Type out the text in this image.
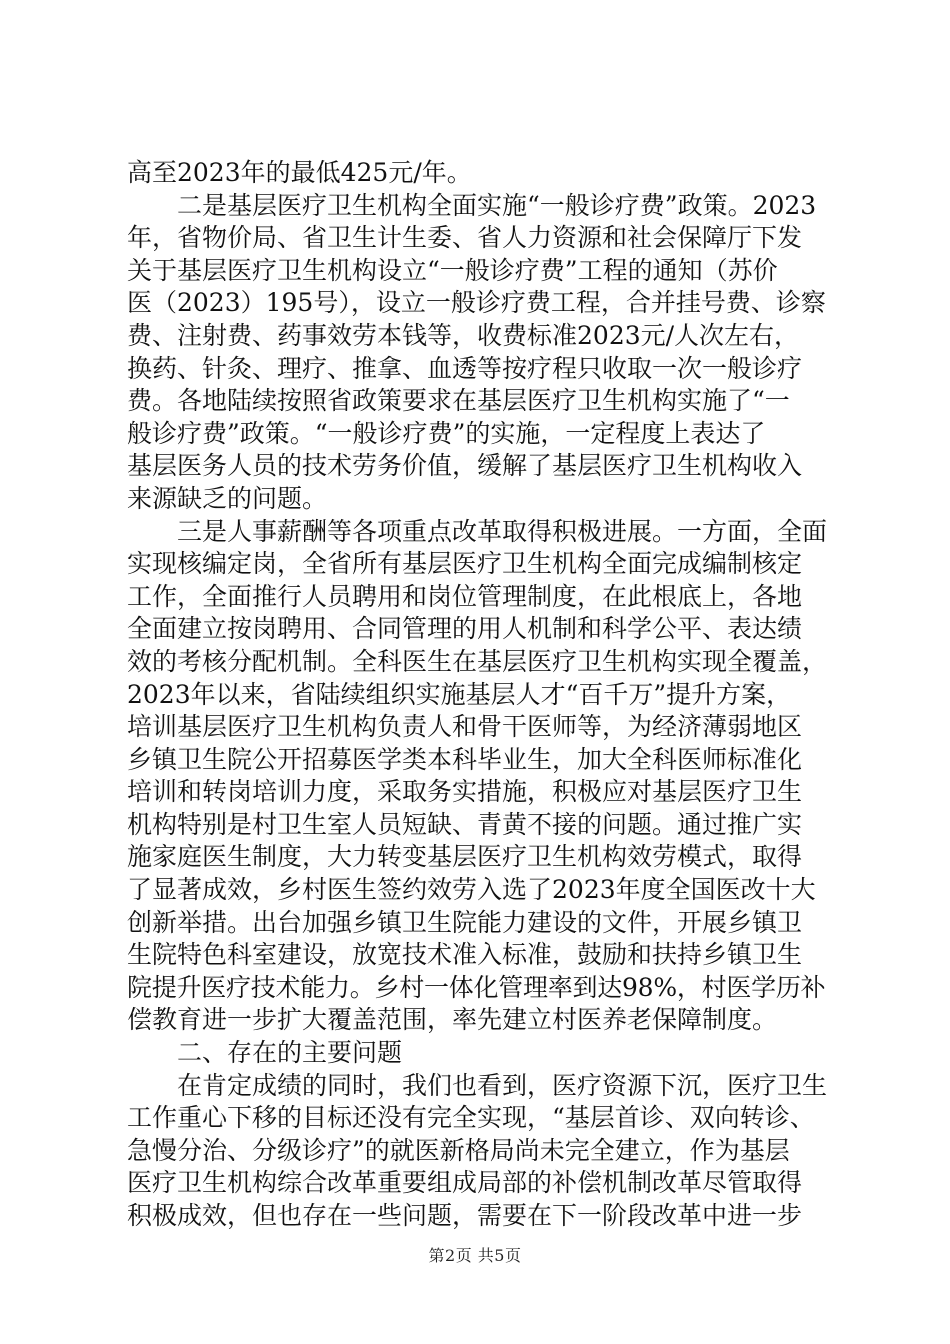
高至2023年的最低425元/年。
二是基层医疗卫生机构全面实施“一般诊疗费”政策。2023
年，省物价局、省卫生计生委、省人力资源和社会保障厅下发
关于基层医疗卫生机构设立“一般诊疗费”工程的通知（苏价
医（2023）195号），设立一般诊疗费工程，合并挂号费、诊察
费、注射费、药事效劳本钱等，收费标准2023元/人次左右，
换药、针灸、理疗、推拿、血透等按疗程只收取一次一般诊疗
费。各地陆续按照省政策要求在基层医疗卫生机构实施了“一
般诊疗费”政策。“一般诊疗费”的实施，一定程度上表达了
基层医务人员的技术劳务价值，缓解了基层医疗卫生机构收入
来源缺乏的问题。
三是人事薪酬等各项重点改革取得积极进展。一方面，全面
实现核编定岗，全省所有基层医疗卫生机构全面完成编制核定
工作，全面推行人员聘用和岗位管理制度，在此根底上，各地
全面建立按岗聘用、合同管理的用人机制和科学公平、表达绩
效的考核分配机制。全科医生在基层医疗卫生机构实现全覆盖，
2023年以来，省陆续组织实施基层人才“百千万”提升方案，
培训基层医疗卫生机构负责人和骨干医师等，为经济薄弱地区
乡镇卫生院公开招募医学类本科毕业生，加大全科医师标准化
培训和转岗培训力度，采取务实措施，积极应对基层医疗卫生
机构特别是村卫生室人员短缺、青黄不接的问题。通过推广实
施家庭医生制度，大力转变基层医疗卫生机构效劳模式，取得
了显著成效，乡村医生签约效劳入选了2023年度全国医改十大
创新举措。出台加强乡镇卫生院能力建设的文件，开展乡镇卫
生院特色科室建设，放宽技术准入标准，鼓励和扶持乡镇卫生
院提升医疗技术能力。乡村一体化管理率到达98%，村医学历补
偿教育进一步扩大覆盖范围，率先建立村医养老保障制度。
二、存在的主要问题
在肯定成绩的同时，我们也看到，医疗资源下沉，医疗卫生
工作重心下移的目标还没有完全实现，“基层首诊、双向转诊、
急慢分治、分级诊疗”的就医新格局尚未完全建立，作为基层
医疗卫生机构综合改革重要组成局部的补偿机制改革尽管取得
积极成效，但也存在一些问题，需要在下一阶段改革中进一步
第2页 共5页
